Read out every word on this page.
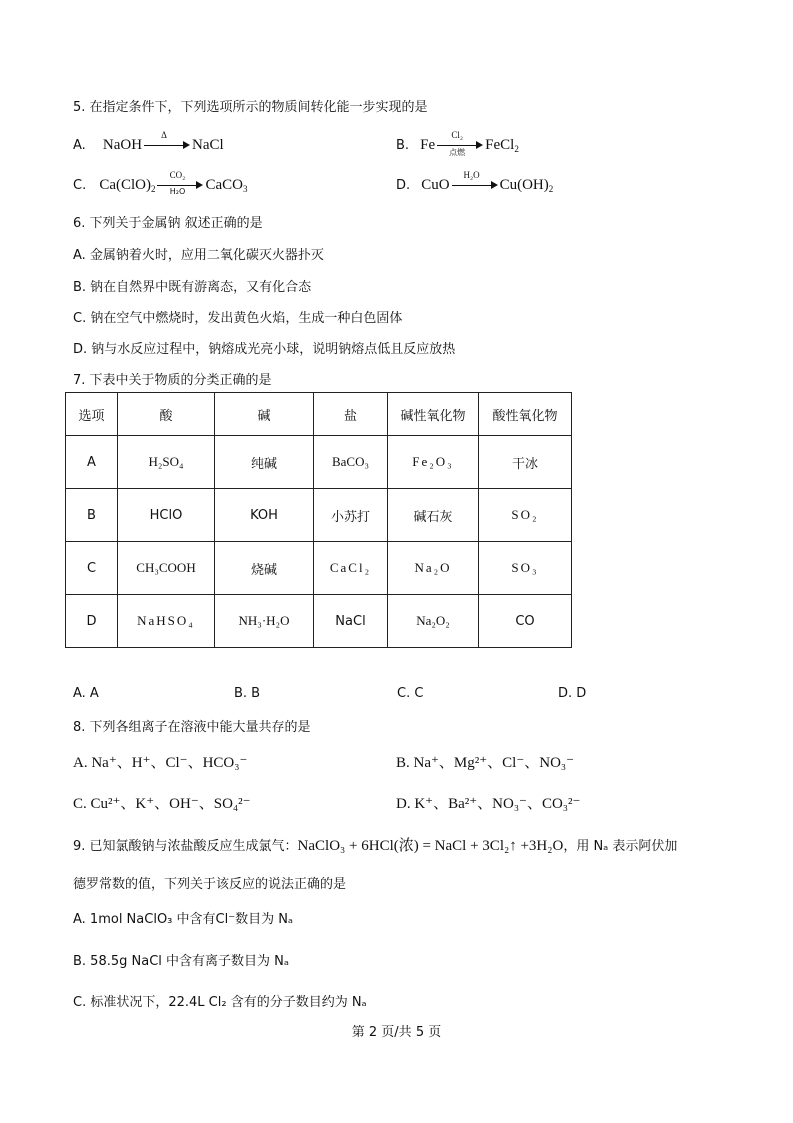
5. 在指定条件下，下列选项所示的物质间转化能一步实现的是
A. NaOH
Δ
NaCl	B. Fe
Cl₂
点燃	FeCl$_2$
C. $Ca(ClO)_2$
CO₂
H₂O	CaCO$_3$	D. CuO
H₂O
$Cu(OH)_2$
6. 下列关于金属钠 叙述正确的是
A. 金属钠着火时，应用二氧化碳灭火器扑灭
B. 钠在自然界中既有游离态，又有化合态
C. 钠在空气中燃烧时，发出黄色火焰，生成一种白色固体
D. 钠与水反应过程中，钠熔成光亮小球，说明钠熔点低且反应放热
7. 下表中关于物质的分类正确的是
选项	酸	碱	盐	碱性氧化物	酸性氧化物
A	H₂SO₄	纯碱	BaCO₃	Fe₂O₃	干冰
B	HClO	KOH	小苏打	碱石灰	SO₂
C	CH₃COOH	烧碱	CaCl₂	Na₂O	SO₃
D	NaHSO₄	NH₃·H₂O	NaCl	Na₂O₂	CO
A. A	B. B	C. C	D. D
8. 下列各组离子在溶液中能大量共存的是
A. Na⁺、H⁺、Cl⁻、HCO₃⁻	B. Na⁺、Mg²⁺、Cl⁻、NO₃⁻
C. Cu²⁺、K⁺、OH⁻、SO₄²⁻	D. K⁺、Ba²⁺、NO₃⁻、CO₃²⁻
9. 已知氯酸钠与浓盐酸反应生成氯气：NaClO₃ + 6HCl(浓) = NaCl + 3Cl₂↑ +3H₂O，用 Nₐ 表示阿伏加
德罗常数的值，下列关于该反应的说法正确的是
A. 1mol NaClO₃ 中含有Cl⁻数目为 Nₐ
B. 58.5g NaCl 中含有离子数目为 Nₐ
C. 标准状况下，22.4L Cl₂ 含有的分子数目约为 Nₐ
第 2 页/共 5 页
